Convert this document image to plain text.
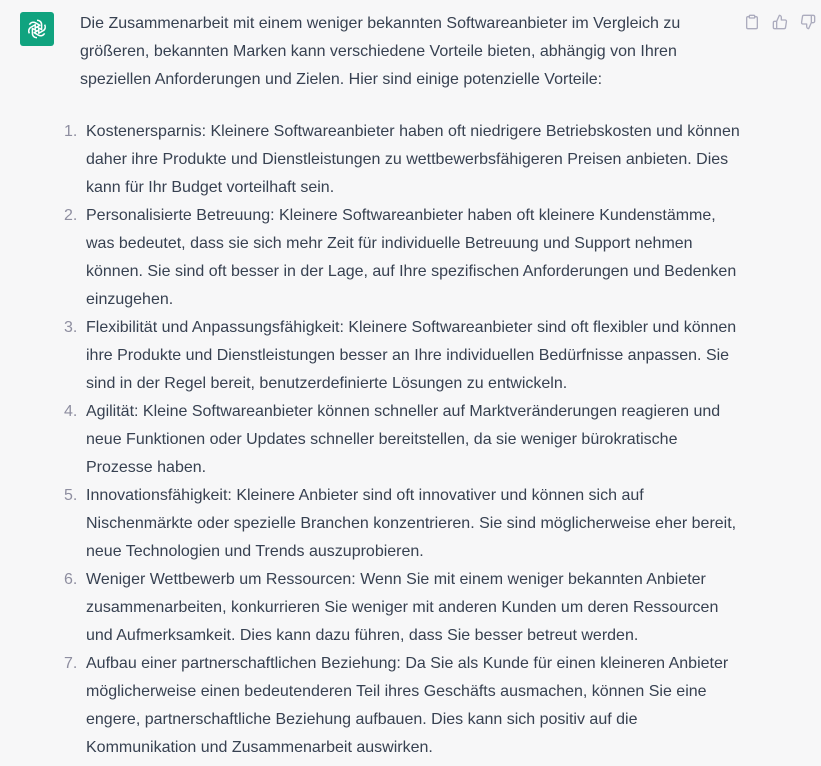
Die Zusammenarbeit mit einem weniger bekannten Softwareanbieter im Vergleich zu größeren, bekannten Marken kann verschiedene Vorteile bieten, abhängig von Ihren speziellen Anforderungen und Zielen. Hier sind einige potenzielle Vorteile:

1. Kostenersparnis: Kleinere Softwareanbieter haben oft niedrigere Betriebskosten und können daher ihre Produkte und Dienstleistungen zu wettbewerbsfähigeren Preisen anbieten. Dies kann für Ihr Budget vorteilhaft sein.
2. Personalisierte Betreuung: Kleinere Softwareanbieter haben oft kleinere Kundenstämme, was bedeutet, dass sie sich mehr Zeit für individuelle Betreuung und Support nehmen können. Sie sind oft besser in der Lage, auf Ihre spezifischen Anforderungen und Bedenken einzugehen.
3. Flexibilität und Anpassungsfähigkeit: Kleinere Softwareanbieter sind oft flexibler und können ihre Produkte und Dienstleistungen besser an Ihre individuellen Bedürfnisse anpassen. Sie sind in der Regel bereit, benutzerdefinierte Lösungen zu entwickeln.
4. Agilität: Kleine Softwareanbieter können schneller auf Marktveränderungen reagieren und neue Funktionen oder Updates schneller bereitstellen, da sie weniger bürokratische Prozesse haben.
5. Innovationsfähigkeit: Kleinere Anbieter sind oft innovativer und können sich auf Nischenmärkte oder spezielle Branchen konzentrieren. Sie sind möglicherweise eher bereit, neue Technologien und Trends auszuprobieren.
6. Weniger Wettbewerb um Ressourcen: Wenn Sie mit einem weniger bekannten Anbieter zusammenarbeiten, konkurrieren Sie weniger mit anderen Kunden um deren Ressourcen und Aufmerksamkeit. Dies kann dazu führen, dass Sie besser betreut werden.
7. Aufbau einer partnerschaftlichen Beziehung: Da Sie als Kunde für einen kleineren Anbieter möglicherweise einen bedeutenderen Teil ihres Geschäfts ausmachen, können Sie eine engere, partnerschaftliche Beziehung aufbauen. Dies kann sich positiv auf die Kommunikation und Zusammenarbeit auswirken.
